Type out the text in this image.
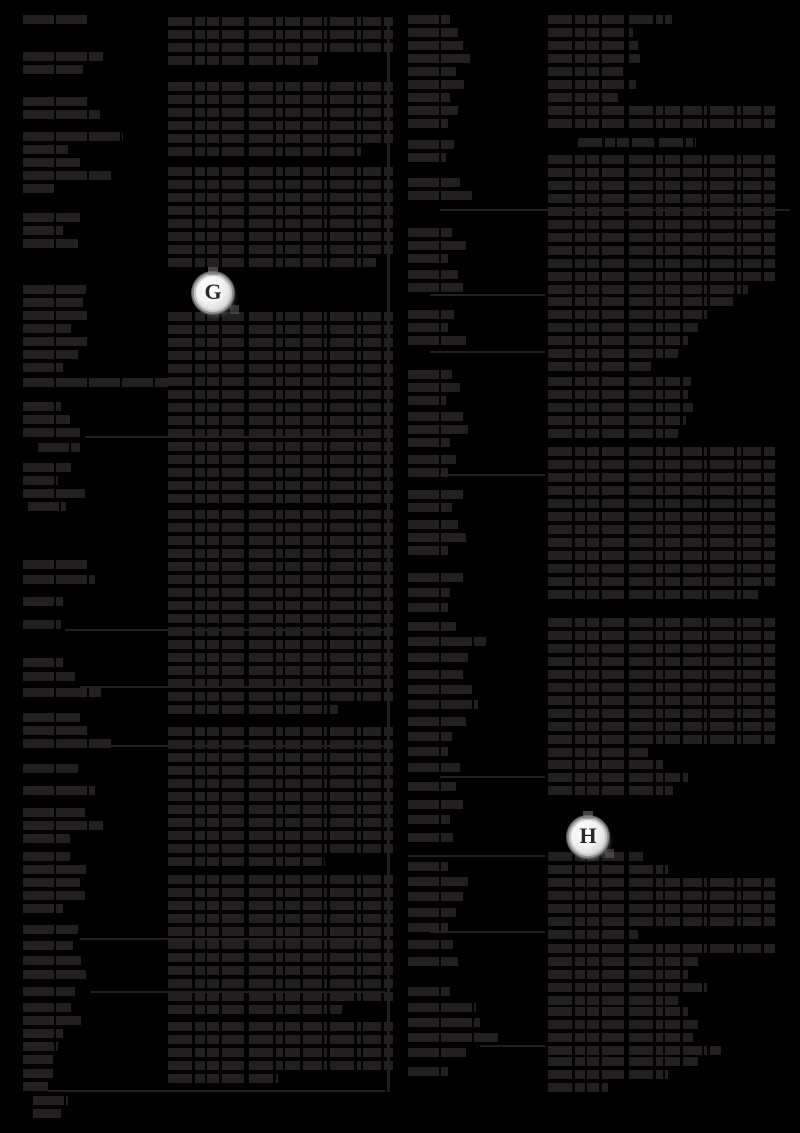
G
H
